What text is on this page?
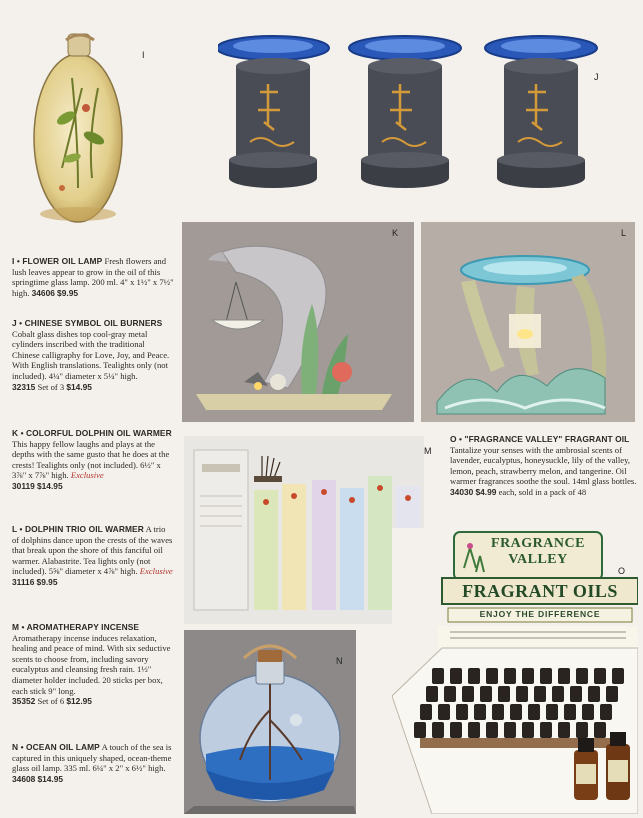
I
J
K	L
M
N
FRAGRANCE
VALLEY
FRAGRANT OILS
ENJOY THE DIFFERENCE
O

I • FLOWER OIL LAMP Fresh flowers and lush leaves appear to grow in the oil of this springtime glass lamp. 200 ml. 4" x 1½" x 7½" high. 34606 $9.95

J • CHINESE SYMBOL OIL BURNERS

Cobalt glass dishes top cool-gray metal cylinders inscribed with the traditional Chinese calligraphy for Love, Joy, and Peace. With English translations. Tealights only (not included). 4¼" diameter x 5¼" high.

32315 Set of 3 $14.95

K • COLORFUL DOLPHIN OIL WARMER This happy fellow laughs and plays at the depths with the same gusto that he does at the crests! Tealights only (not included). 6½" x 3⅞" x 7⅞" high. Exclusive

30119 $14.95

L • DOLPHIN TRIO OIL WARMER A trio of dolphins dance upon the crests of the waves that break upon the shore of this fanciful oil warmer. Alabastrite. Tea lights only (not included). 5⅝" diameter x 4⅞" high. Exclusive

31116 $9.95

M • AROMATHERAPY INCENSE

Aromatherapy incense induces relaxation, healing and peace of mind. With six seductive scents to choose from, including savory eucalyptus and cleansing fresh rain. 1½" diameter holder included. 20 sticks per box, each stick 9" long.

35352 Set of 6 $12.95

N • OCEAN OIL LAMP A touch of the sea is captured in this uniquely shaped, ocean-theme glass oil lamp. 335 ml. 6¼" x 2" x 6½" high. 34608 $14.95

O • "FRAGRANCE VALLEY" FRAGRANT OIL

Tantalize your senses with the ambrosial scents of lavender, eucalyptus, honeysuckle, lily of the valley, lemon, peach, strawberry melon, and tangerine. Oil warmer fragrances soothe the soul. 14ml glass bottles.

34030 $4.99 each, sold in a pack of 48
